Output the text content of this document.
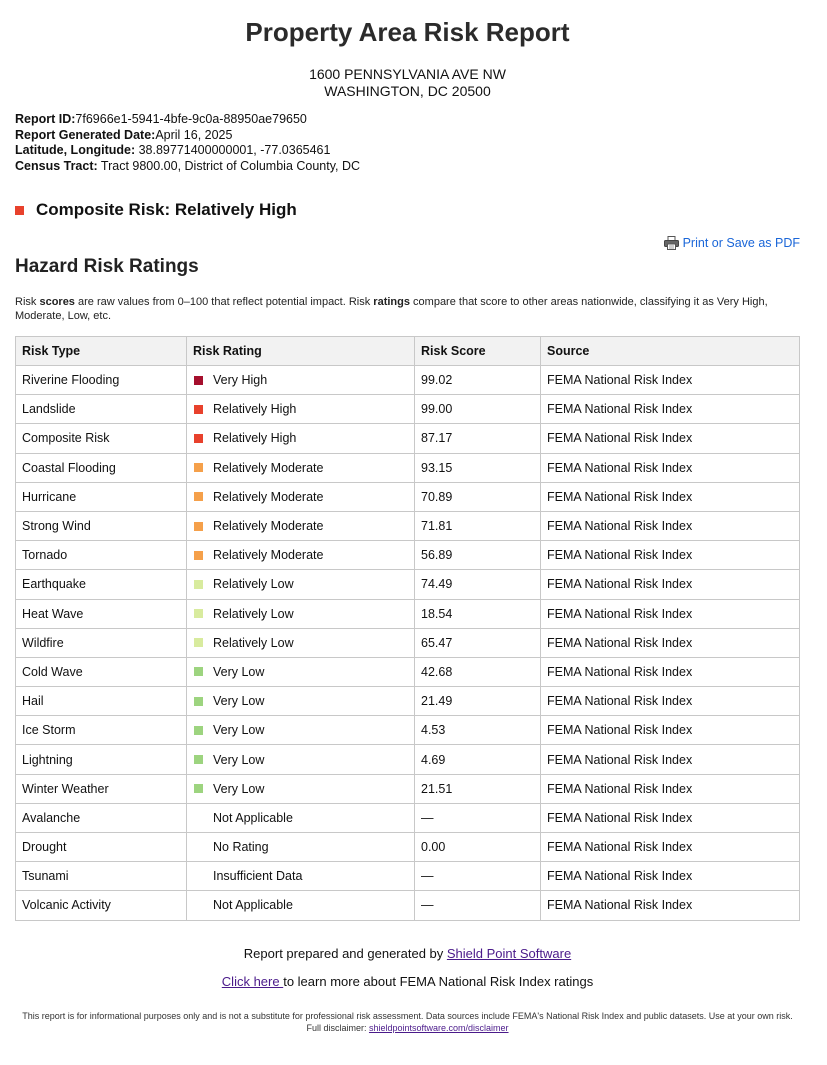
Property Area Risk Report
1600 PENNSYLVANIA AVE NW
WASHINGTON, DC 20500
Report ID:7f6966e1-5941-4bfe-9c0a-88950ae79650
Report Generated Date:April 16, 2025
Latitude, Longitude: 38.89771400000001, -77.0365461
Census Tract: Tract 9800.00, District of Columbia County, DC
Composite Risk: Relatively High
Print or Save as PDF
Hazard Risk Ratings
Risk scores are raw values from 0–100 that reflect potential impact. Risk ratings compare that score to other areas nationwide, classifying it as Very High, Moderate, Low, etc.
Risk Type	Risk Rating	Risk Score	Source
Riverine Flooding	Very High	99.02	FEMA National Risk Index
Landslide	Relatively High	99.00	FEMA National Risk Index
Composite Risk	Relatively High	87.17	FEMA National Risk Index
Coastal Flooding	Relatively Moderate	93.15	FEMA National Risk Index
Hurricane	Relatively Moderate	70.89	FEMA National Risk Index
Strong Wind	Relatively Moderate	71.81	FEMA National Risk Index
Tornado	Relatively Moderate	56.89	FEMA National Risk Index
Earthquake	Relatively Low	74.49	FEMA National Risk Index
Heat Wave	Relatively Low	18.54	FEMA National Risk Index
Wildfire	Relatively Low	65.47	FEMA National Risk Index
Cold Wave	Very Low	42.68	FEMA National Risk Index
Hail	Very Low	21.49	FEMA National Risk Index
Ice Storm	Very Low	4.53	FEMA National Risk Index
Lightning	Very Low	4.69	FEMA National Risk Index
Winter Weather	Very Low	21.51	FEMA National Risk Index
Avalanche	Not Applicable	—	FEMA National Risk Index
Drought	No Rating	0.00	FEMA National Risk Index
Tsunami	Insufficient Data	—	FEMA National Risk Index
Volcanic Activity	Not Applicable	—	FEMA National Risk Index
Report prepared and generated by Shield Point Software
Click here to learn more about FEMA National Risk Index ratings
This report is for informational purposes only and is not a substitute for professional risk assessment. Data sources include FEMA's National Risk Index and public datasets. Use at your own risk. Full disclaimer: shieldpointsoftware.com/disclaimer
